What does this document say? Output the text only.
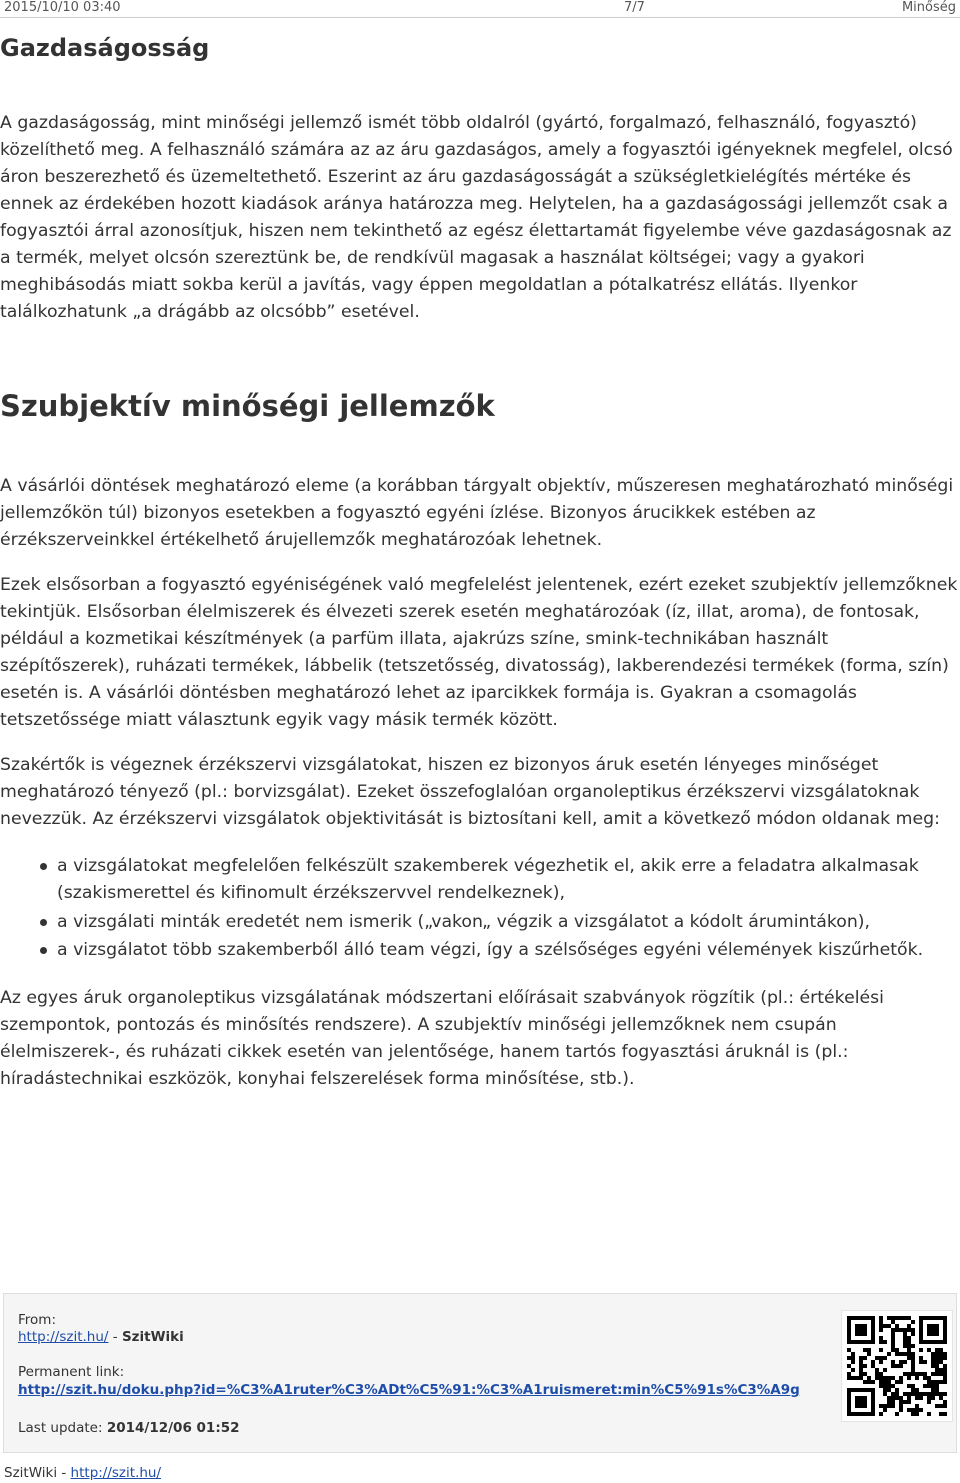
2015/10/10 03:40	7/7	Minőség
Gazdaságosság

A gazdaságosság, mint minőségi jellemző ismét több oldalról (gyártó, forgalmazó, felhasználó, fogyasztó) közelíthető meg. A felhasználó számára az az áru gazdaságos, amely a fogyasztói igényeknek megfelel, olcsó áron beszerezhető és üzemeltethető. Eszerint az áru gazdaságosságát a szükségletkielégítés mértéke és ennek az érdekében hozott kiadások aránya határozza meg. Helytelen, ha a gazdaságossági jellemzőt csak a fogyasztói árral azonosítjuk, hiszen nem tekinthető az egész élettartamát figyelembe véve gazdaságosnak az a termék, melyet olcsón szereztünk be, de rendkívül magasak a használat költségei; vagy a gyakori meghibásodás miatt sokba kerül a javítás, vagy éppen megoldatlan a pótalkatrész ellátás. Ilyenkor találkozhatunk „a drágább az olcsóbb” esetével.

Szubjektív minőségi jellemzők

A vásárlói döntések meghatározó eleme (a korábban tárgyalt objektív, műszeresen meghatározható minőségi jellemzőkön túl) bizonyos esetekben a fogyasztó egyéni ízlése. Bizonyos árucikkek estében az érzékszerveinkkel értékelhető árujellemzők meghatározóak lehetnek.

Ezek elsősorban a fogyasztó egyéniségének való megfelelést jelentenek, ezért ezeket szubjektív jellemzőknek tekintjük. Elsősorban élelmiszerek és élvezeti szerek esetén meghatározóak (íz, illat, aroma), de fontosak, például a kozmetikai készítmények (a parfüm illata, ajakrúzs színe, smink-technikában használt szépítőszerek), ruházati termékek, lábbelik (tetszetősség, divatosság), lakberendezési termékek (forma, szín) esetén is. A vásárlói döntésben meghatározó lehet az iparcikkek formája is. Gyakran a csomagolás tetszetőssége miatt választunk egyik vagy másik termék között.

Szakértők is végeznek érzékszervi vizsgálatokat, hiszen ez bizonyos áruk esetén lényeges minőséget meghatározó tényező (pl.: borvizsgálat). Ezeket összefoglalóan organoleptikus érzékszervi vizsgálatoknak nevezzük. Az érzékszervi vizsgálatok objektivitását is biztosítani kell, amit a következő módon oldanak meg:

a vizsgálatokat megfelelően felkészült szakemberek végezhetik el, akik erre a feladatra alkalmasak (szakismerettel és kifinomult érzékszervvel rendelkeznek),
a vizsgálati minták eredetét nem ismerik („vakon„ végzik a vizsgálatot a kódolt árumintákon),
a vizsgálatot több szakemberből álló team végzi, így a szélsőséges egyéni vélemények kiszűrhetők.

Az egyes áruk organoleptikus vizsgálatának módszertani előírásait szabványok rögzítik (pl.: értékelési szempontok, pontozás és minősítés rendszere). A szubjektív minőségi jellemzőknek nem csupán élelmiszerek-, és ruházati cikkek esetén van jelentősége, hanem tartós fogyasztási áruknál is (pl.: híradástechnikai eszközök, konyhai felszerelések forma minősítése, stb.).

From:
http://szit.hu/ - SzitWiki
Permanent link:
http://szit.hu/doku.php?id=%C3%A1ruter%C3%ADt%C5%91:%C3%A1ruismeret:min%C5%91s%C3%A9g
Last update: 2014/12/06 01:52
SzitWiki - http://szit.hu/
